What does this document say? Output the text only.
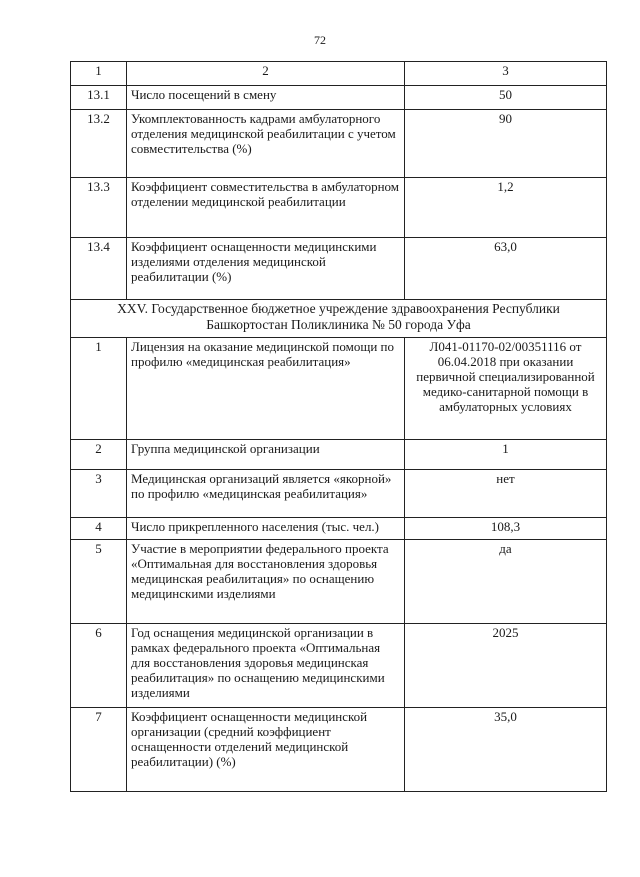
72
1	2	3
13.1	Число посещений в смену	50
13.2	Укомплектованность кадрами амбулаторного отделения медицинской реабилитации с учетом совместительства (%)	90
13.3	Коэффициент совместительства в амбулаторном отделении медицинской реабилитации	1,2
13.4	Коэффициент оснащенности медицинскими изделиями отделения медицинской реабилитации (%)	63,0
XXV. Государственное бюджетное учреждение здравоохранения Республики Башкортостан Поликлиника № 50 города Уфа		
1	Лицензия на оказание медицинской помощи по профилю «медицинская реабилитация»	Л041-01170-02/00351116 от 06.04.2018 при оказании первичной специализированной медико-санитарной помощи в амбулаторных условиях
2	Группа медицинской организации	1
3	Медицинская организаций является «якорной» по профилю «медицинская реабилитация»	нет
4	Число прикрепленного населения (тыс. чел.)	108,3
5	Участие в мероприятии федерального проекта «Оптимальная для восстановления здоровья медицинская реабилитация» по оснащению медицинскими изделиями	да
6	Год оснащения медицинской организации в рамках федерального проекта «Оптимальная для восстановления здоровья медицинская реабилитация» по оснащению медицинскими изделиями	2025
7	Коэффициент оснащенности медицинской организации (средний коэффициент оснащенности отделений медицинской реабилитации) (%)	35,0
